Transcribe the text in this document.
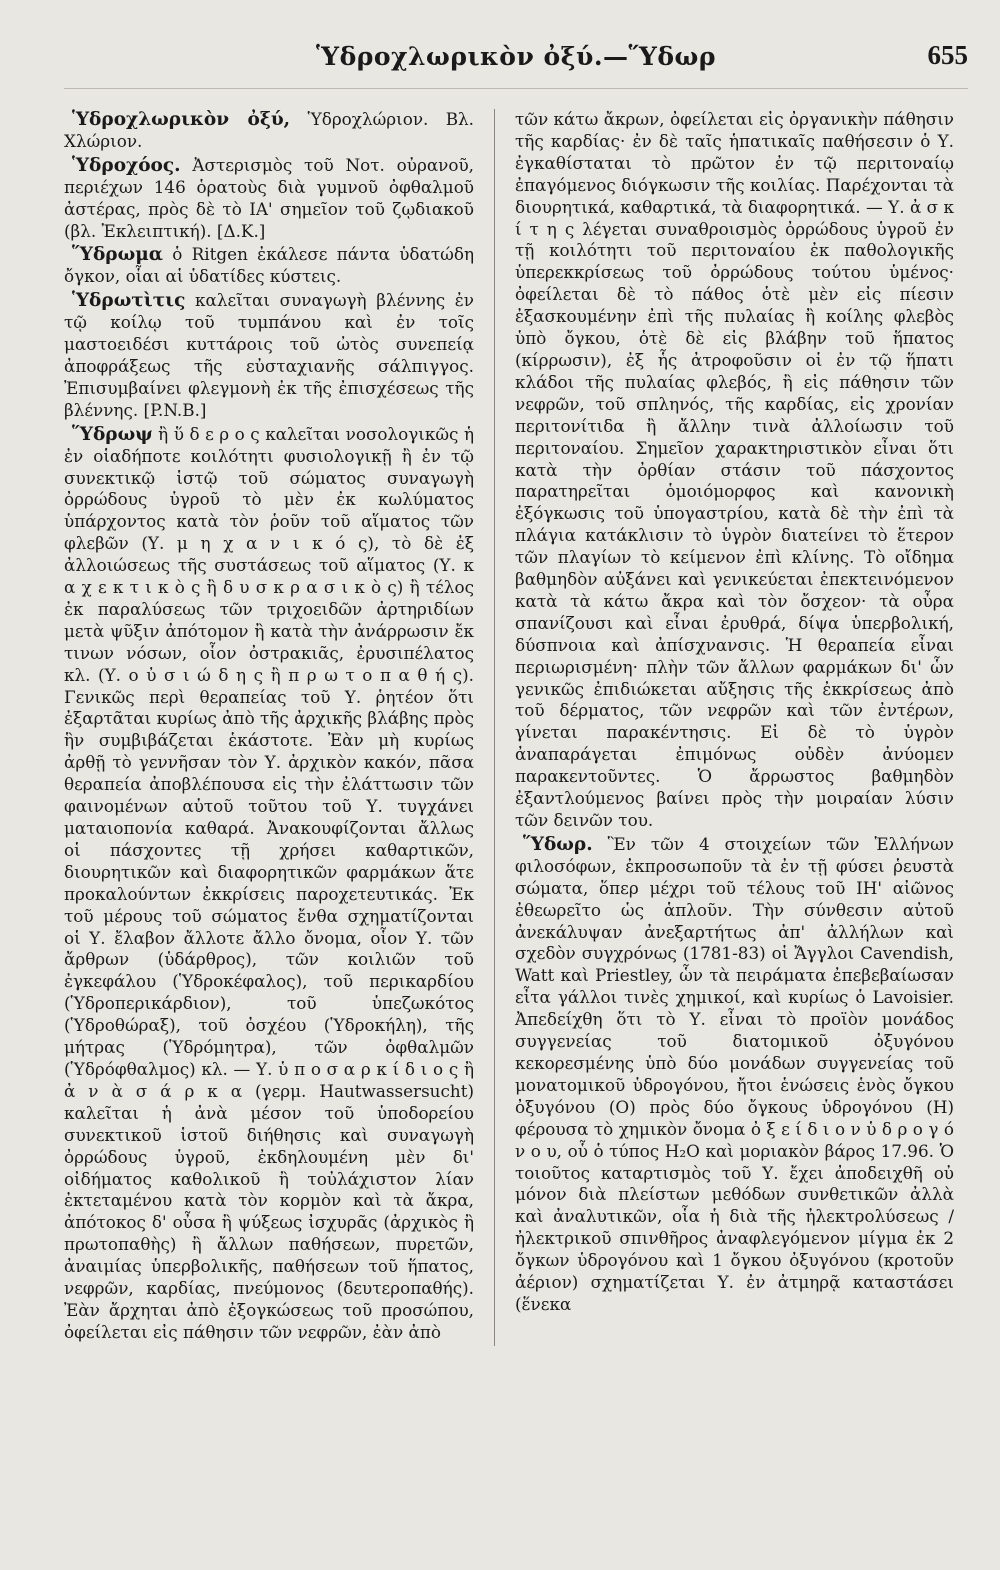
Ὑδροχλωρικὸν ὀξύ.—Ὕδωρ	655

Ὑδροχλωρικὸν ὀξύ, Ὑδροχλώριον. Βλ. Χλώριον.

Ὑδροχόος. Ἀστερισμὸς τοῦ Νοτ. οὐρανοῦ, περιέχων 146 ὁρατοὺς διὰ γυμνοῦ ὀφθαλμοῦ ἀστέρας, πρὸς δὲ τὸ ΙΑ' σημεῖον τοῦ ζῳδιακοῦ (βλ. Ἐκλειπτική). [Δ.Κ.]

Ὕδρωμα ὁ Ritgen ἐκάλεσε πάντα ὑδατώδη ὄγκον, οἷαι αἱ ὑδατίδες κύστεις.

Ὑδρωτὶτις καλεῖται συναγωγὴ βλέννης ἐν τῷ κοίλῳ τοῦ τυμπάνου καὶ ἐν τοῖς μαστοειδέσι κυττάροις τοῦ ὠτὸς συνεπείᾳ ἀποφράξεως τῆς εὐσταχιανῆς σάλπιγγος. Ἐπισυμβαίνει φλεγμονὴ ἐκ τῆς ἐπισχέσεως τῆς βλέννης. [P.N.B.]

Ὕδρωψ ἢ ὕ δ ε ρ ο ς καλεῖται νοσολογικῶς ἡ ἐν οἱαδήποτε κοιλότητι φυσιολογικῇ ἢ ἐν τῷ συνεκτικῷ ἱστῷ τοῦ σώματος συναγωγὴ ὀρρώδους ὑγροῦ τὸ μὲν ἐκ κωλύματος ὑπάρχοντος κατὰ τὸν ῥοῦν τοῦ αἵματος τῶν φλεβῶν (Υ. μ η χ α ν ι κ ό ς), τὸ δὲ ἐξ ἀλλοιώσεως τῆς συστάσεως τοῦ αἵματος (Υ. κ α χ ε κ τ ι κ ὸ ς ἢ δ υ σ κ ρ α σ ι κ ὸ ς) ἢ τέλος ἐκ παραλύσεως τῶν τριχοειδῶν ἀρτηριδίων μετὰ ψῦξιν ἀπότομον ἢ κατὰ τὴν ἀνάρρωσιν ἔκ τινων νόσων, οἷον ὀστρακιᾶς, ἐρυσιπέλατος κλ. (Υ. ο ὐ σ ι ώ δ η ς ἢ π ρ ω τ ο π α θ ή ς). Γενικῶς περὶ θεραπείας τοῦ Υ. ῥητέον ὅτι ἐξαρτᾶται κυρίως ἀπὸ τῆς ἀρχικῆς βλάβης πρὸς ἣν συμβιβάζεται ἑκάστοτε. Ἐὰν μὴ κυρίως ἀρθῇ τὸ γεννῆσαν τὸν Υ. ἀρχικὸν κακόν, πᾶσα θεραπεία ἀποβλέπουσα εἰς τὴν ἐλάττωσιν τῶν φαινομένων αὐτοῦ τοῦτου τοῦ Υ. τυγχάνει ματαιοπονία καθαρά. Ἀνακουφίζονται ἄλλως οἱ πάσχοντες τῇ χρήσει καθαρτικῶν, διουρητικῶν καὶ διαφορητικῶν φαρμάκων ἅτε προκαλούντων ἐκκρίσεις παροχετευτικάς. Ἐκ τοῦ μέρους τοῦ σώματος ἔνθα σχηματίζονται οἱ Υ. ἔλαβον ἄλλοτε ἄλλο ὄνομα, οἷον Υ. τῶν ἄρθρων (ὑδάρθρος), τῶν κοιλιῶν τοῦ ἐγκεφάλου (Ὑδροκέφαλος), τοῦ περικαρδίου (Ὑδροπερικάρδιον), τοῦ ὑπεζωκότος (Ὑδροθώραξ), τοῦ ὀσχέου (Ὑδροκήλη), τῆς μήτρας (Ὑδρόμητρα), τῶν ὀφθαλμῶν (Ὑδρόφθαλμος) κλ. — Υ. ὑ π ο σ α ρ κ ί δ ι ο ς ἢ ἀ ν ὰ σ ά ρ κ α (γερμ. Hautwassersucht) καλεῖται ἡ ἀνὰ μέσον τοῦ ὑποδορείου συνεκτικοῦ ἱστοῦ διήθησις καὶ συναγωγὴ ὀρρώδους ὑγροῦ, ἐκδηλουμένη μὲν δι' οἰδήματος καθολικοῦ ἢ τοὐλάχιστον λίαν ἐκτεταμένου κατὰ τὸν κορμὸν καὶ τὰ ἄκρα, ἀπότοκος δ' οὖσα ἢ ψύξεως ἰσχυρᾶς (ἀρχικὸς ἢ πρωτοπαθὴς) ἢ ἄλλων παθήσεων, πυρετῶν, ἀναιμίας ὑπερβολικῆς, παθήσεων τοῦ ἥπατος, νεφρῶν, καρδίας, πνεύμονος (δευτεροπαθής). Ἐὰν ἄρχηται ἀπὸ ἐξογκώσεως τοῦ προσώπου, ὀφείλεται εἰς πάθησιν τῶν νεφρῶν, ἐὰν ἀπὸ

τῶν κάτω ἄκρων, ὀφείλεται εἰς ὀργανικὴν πάθησιν τῆς καρδίας· ἐν δὲ ταῖς ἡπατικαῖς παθήσεσιν ὁ Υ. ἐγκαθίσταται τὸ πρῶτον ἐν τῷ περιτοναίῳ ἐπαγόμενος διόγκωσιν τῆς κοιλίας. Παρέχονται τὰ διουρητικά, καθαρτικά, τὰ διαφορητικά. — Υ. ἀ σ κ ί τ η ς λέγεται συναθροισμὸς ὀρρώδους ὑγροῦ ἐν τῇ κοιλότητι τοῦ περιτοναίου ἐκ παθολογικῆς ὑπερεκκρίσεως τοῦ ὀρρώδους τούτου ὑμένος· ὀφείλεται δὲ τὸ πάθος ὁτὲ μὲν εἰς πίεσιν ἐξασκουμένην ἐπὶ τῆς πυλαίας ἢ κοίλης φλεβὸς ὑπὸ ὄγκου, ὁτὲ δὲ εἰς βλάβην τοῦ ἥπατος (κίρρωσιν), ἐξ ἧς ἀτροφοῦσιν οἱ ἐν τῷ ἥπατι κλάδοι τῆς πυλαίας φλεβός, ἢ εἰς πάθησιν τῶν νεφρῶν, τοῦ σπληνός, τῆς καρδίας, εἰς χρονίαν περιτονίτιδα ἢ ἄλλην τινὰ ἀλλοίωσιν τοῦ περιτοναίου. Σημεῖον χαρακτηριστικὸν εἶναι ὅτι κατὰ τὴν ὀρθίαν στάσιν τοῦ πάσχοντος παρατηρεῖται ὁμοιόμορφος καὶ κανονικὴ ἐξόγκωσις τοῦ ὑπογαστρίου, κατὰ δὲ τὴν ἐπὶ τὰ πλάγια κατάκλισιν τὸ ὑγρὸν διατείνει τὸ ἕτερον τῶν πλαγίων τὸ κείμενον ἐπὶ κλίνης. Τὸ οἴδημα βαθμηδὸν αὐξάνει καὶ γενικεύεται ἐπεκτεινόμενον κατὰ τὰ κάτω ἄκρα καὶ τὸν ὄσχεον· τὰ οὖρα σπανίζουσι καὶ εἶναι ἐρυθρά, δίψα ὑπερβολική, δύσπνοια καὶ ἀπίσχνανσις. Ἡ θεραπεία εἶναι περιωρισμένη· πλὴν τῶν ἄλλων φαρμάκων δι' ὧν γενικῶς ἐπιδιώκεται αὔξησις τῆς ἐκκρίσεως ἀπὸ τοῦ δέρματος, τῶν νεφρῶν καὶ τῶν ἐντέρων, γίνεται παρακέντησις. Εἰ δὲ τὸ ὑγρὸν ἀναπαράγεται ἐπιμόνως οὐδὲν ἀνύομεν παρακεντοῦντες. Ὁ ἄρρωστος βαθμηδὸν ἐξαντλούμενος βαίνει πρὸς τὴν μοιραίαν λύσιν τῶν δεινῶν του.

Ὕδωρ. Ἓν τῶν 4 στοιχείων τῶν Ἑλλήνων φιλοσόφων, ἐκπροσωποῦν τὰ ἐν τῇ φύσει ῥευστὰ σώματα, ὅπερ μέχρι τοῦ τέλους τοῦ ΙΗ' αἰῶνος ἐθεωρεῖτο ὡς ἁπλοῦν. Τὴν σύνθεσιν αὐτοῦ ἀνεκάλυψαν ἀνεξαρτήτως ἀπ' ἀλλήλων καὶ σχεδὸν συγχρόνως (1781-83) οἱ Ἄγγλοι Cavendish, Watt καὶ Priestley, ὧν τὰ πειράματα ἐπεβεβαίωσαν εἶτα γάλλοι τινὲς χημικοί, καὶ κυρίως ὁ Lavoisier. Ἀπεδείχθη ὅτι τὸ Υ. εἶναι τὸ προϊὸν μονάδος συγγενείας τοῦ διατομικοῦ ὀξυγόνου κεκορεσμένης ὑπὸ δύο μονάδων συγγενείας τοῦ μονατομικοῦ ὑδρογόνου, ἤτοι ἑνώσεις ἑνὸς ὄγκου ὀξυγόνου (O) πρὸς δύο ὄγκους ὑδρογόνου (H) φέρουσα τὸ χημικὸν ὄνομα ὀ ξ ε ί δ ι ο ν ὑ δ ρ ο γ ό ν ο υ, οὗ ὁ τύπος H₂O καὶ μοριακὸν βάρος 17.96. Ὁ τοιοῦτος καταρτισμὸς τοῦ Υ. ἔχει ἀποδειχθῆ οὐ μόνον διὰ πλείστων μεθόδων συνθετικῶν ἀλλὰ καὶ ἀναλυτικῶν, οἷα ἡ διὰ τῆς ἠλεκτρολύσεως / ἠλεκτρικοῦ σπινθῆρος ἀναφλεγόμενον μίγμα ἐκ 2 ὄγκων ὑδρογόνου καὶ 1 ὄγκου ὀξυγόνου (κροτοῦν ἀέριον) σχηματίζεται Υ. ἐν ἀτμηρᾷ καταστάσει (ἕνεκα
